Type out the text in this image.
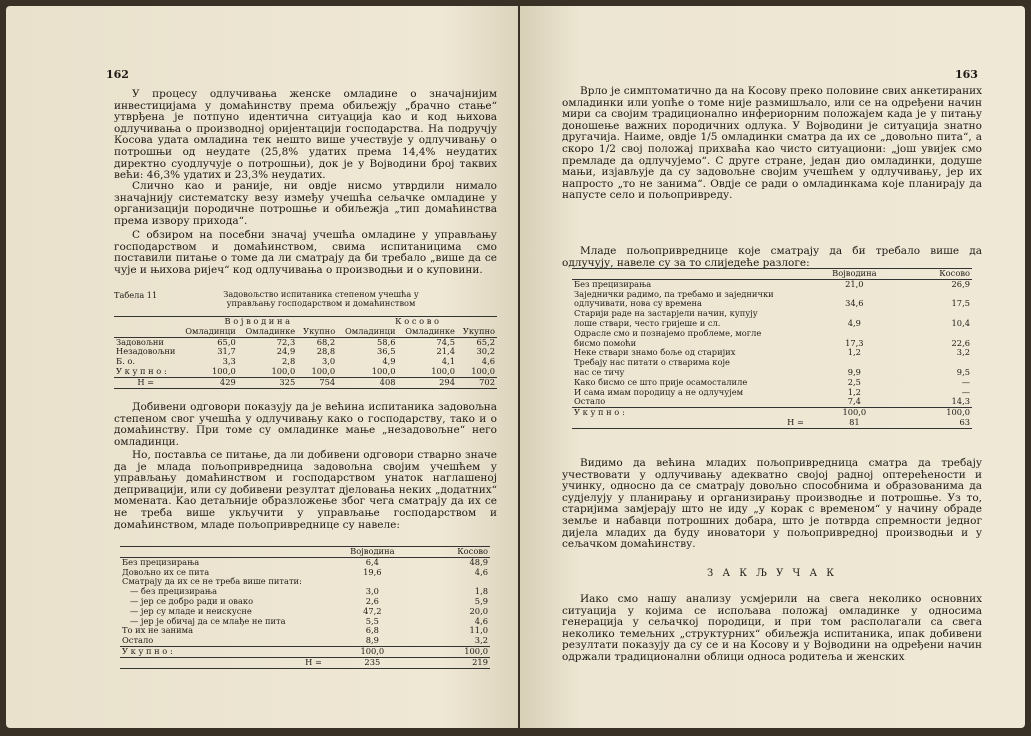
162

У процесу одлучивања женске омладине о значајнијим инвестицијама у домаћинству према обиљежју „брачно стање“ утврђена је потпуно идентична ситуација као и код њихова одлучивања о производној оријентацији господарства. На подручју Косова удата омладина тек нешто више учествује у одлучивању о потрошњи од неудате (25,8% удатих према 14,4% неудатих директно суодлучује о потрошњи), док је у Војводини број таквих већи: 46,3% удатих и 23,3% неудатих.

Слично као и раније, ни овдје нисмо утврдили нимало значајнију систематску везу између учешћа сељачке омладине у организацији породичне потрошње и обиљежја „тип домаћинства према извору прихода“.

С обзиром на посебни значај учешћа омладине у управљању господарством и домаћинством, свима испитаницима смо поставили питање о томе да ли сматрају да би требало „више да се чује и њихова ријеч“ код одлучивања о производњи и о куповини.

Табела 11	Задовољство испитаника степеном учешћа у управљању господарством и домаћинством
	В о ј в о д и н а			К о с о в о		
	Омладинци	Омладинке	Укупно	Омладинци	Омладинке	Укупно
Задовољни	65,0	72,3	68,2	58,6	74,5	65,2
Незадовољни	31,7	24,9	28,8	36,5	21,4	30,2
Б. о.	3,3	2,8	3,0	4,9	4,1	4,6
У к у п н о :	100,0	100,0	100,0	100,0	100,0	100,0
Н =	429	325	754	408	294	702

Добивени одговори показују да је већина испитаника задовољна степеном свог учешћа у одлучивању како о господарству, тако и о домаћинству. При томе су омладинке мање „незадовољне“ него омладинци.

Но, поставља се питање, да ли добивени одговори стварно значе да је млада пољопривредница задовољна својим учешћем у управљању домаћинством и господарством унаток наглашеној депривацији, или су добивени резултат дјеловања неких „додатних“ момената. Као детаљније образложење због чега сматрају да их се не треба више укључити у управљање господарством и домаћинством, младе пољопривреднице су навеле:

	Војводина	Косово
Без прецизирања	6,4	48,9
Довољно их се пита	19,6	4,6
Сматрају да их се не треба више питати:		
— без прецизирања	3,0	1,8
— јер се добро ради и овако	2,6	5,9
— јер су младе и неискусне	47,2	20,0
— јер је обичај да се млађе не пита	5,5	4,6
То их не занима	6,8	11,0
Остало	8,9	3,2
У к у п н о :	100,0	100,0
Н =	235	219
163

Врло је симптоматично да на Косову преко половине свих анкетираних омладинки или уопће о томе није размишљало, или се на одређени начин мири са својим традиционално инфериорним положајем када је у питању доношење важних породичних одлука. У Војводини је ситуација знатно другачија. Наиме, овдје 1/5 омладинки сматра да их се „довољно пита“, а скоро 1/2 свој положај прихваћа као чисто ситуациони: „још увијек смо премладе да одлучујемо“. С друге стране, један дио омладинки, додуше мањи, изјављује да су задовољне својим учешћем у одлучивању, јер их напросто „то не занима“. Овдје се ради о омладинкама које планирају да напусте село и пољопривреду.

Младе пољопривреднице које сматрају да би требало више да одлучују, навеле су за то слиједеће разлоге:

	Војводина	Косово
Без прецизирања	21,0	26,9
Заједнички радимо, па требамо и заједнички		
одлучивати, нова су времена	34,6	17,5
Старији раде на застарјели начин, купују		
лоше ствари, често гријеше и сл.	4,9	10,4
Одрасле смо и познајемо проблеме, могле		
бисмо помоћи	17,3	22,6
Неке ствари знамо боље од старијих	1,2	3,2
Требају нас питати о стварима које		
нас се тичу	9,9	9,5
Како бисмо се што прије осамосталиле	2,5	—
И сама имам породицу а не одлучујем	1,2	—
Остало	7,4	14,3
У к у п н о :	100,0	100,0
Н =	81	63

Видимо да већина младих пољопривредница сматра да требају учествовати у одлучивању адекватно својој радној оптерећености и учинку, односно да се сматрају довољно способнима и образованима да судјелују у планирању и организирању производње и потрошње. Уз то, старијима замјерају што не иду „у корак с временом“ у начину обраде земље и набавци потрошних добара, што је потврда спремности једног дијела младих да буду иноватори у пољопривредној производњи и у сељачком домаћинству.

З А К Љ У Ч А К

Иако смо нашу анализу усмјерили на свега неколико основних ситуација у којима се испољава положај омладинке у односима генерација у сељачкој породици, и при том располагали са свега неколико темељних „структурних“ обиљежја испитаника, ипак добивени резултати показују да су се и на Косову и у Војводини на одређени начин одржали традиционални облици односа родитеља и женских
